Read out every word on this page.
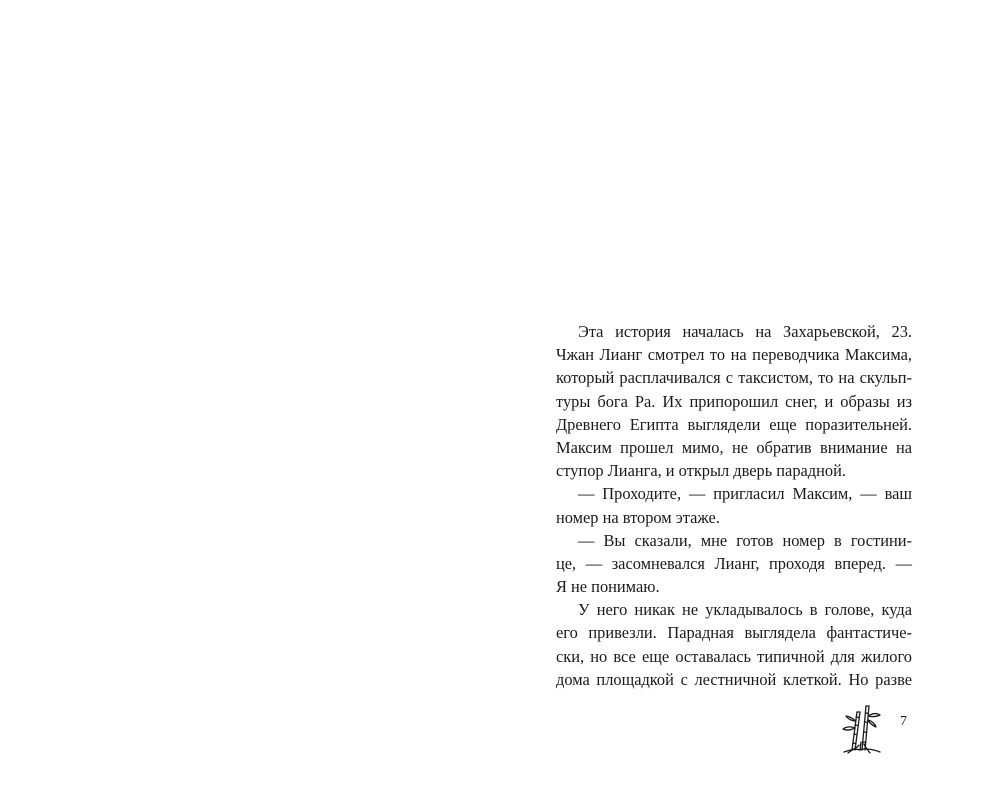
Эта история началась на Захарьевской, 23.
Чжан Лианг смотрел то на переводчика Максима,
который расплачивался с таксистом, то на скульп-
туры бога Ра. Их припорошил снег, и образы из
Древнего Египта выглядели еще поразительней.
Максим прошел мимо, не обратив внимание на
ступор Лианга, и открыл дверь парадной.
— Проходите, — пригласил Максим, — ваш
номер на втором этаже.
— Вы сказали, мне готов номер в гостини-
це, — засомневался Лианг, проходя вперед. —
Я не понимаю.
У него никак не укладывалось в голове, куда
его привезли. Парадная выглядела фантастиче-
ски, но все еще оставалась типичной для жилого
дома площадкой с лестничной клеткой. Но разве
7
